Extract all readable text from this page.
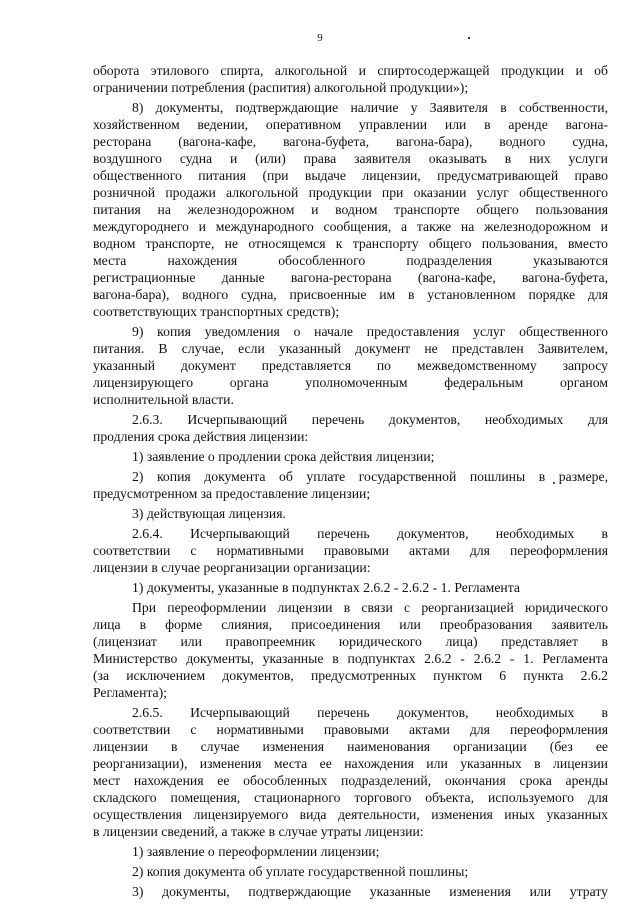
9
оборота этилового спирта, алкогольной и спиртосодержащей продукции и об
ограничении потребления (распития) алкогольной продукции»);
8) документы, подтверждающие наличие у Заявителя в собственности,
хозяйственном ведении, оперативном управлении или в аренде вагона-
ресторана (вагона-кафе, вагона-буфета, вагона-бара), водного судна,
воздушного судна и (или) права заявителя оказывать в них услуги
общественного питания (при выдаче лицензии, предусматривающей право
розничной продажи алкогольной продукции при оказании услуг общественного
питания на железнодорожном и водном транспорте общего пользования
междугороднего и международного сообщения, а также на железнодорожном и
водном транспорте, не относящемся к транспорту общего пользования, вместо
места нахождения обособленного подразделения указываются
регистрационные данные вагона-ресторана (вагона-кафе, вагона-буфета,
вагона-бара), водного судна, присвоенные им в установленном порядке для
соответствующих транспортных средств);
9) копия уведомления о начале предоставления услуг общественного
питания. В случае, если указанный документ не представлен Заявителем,
указанный документ представляется по межведомственному запросу
лицензирующего органа уполномоченным федеральным органом
исполнительной власти.
2.6.3. Исчерпывающий перечень документов, необходимых для
продления срока действия лицензии:
1) заявление о продлении срока действия лицензии;
2) копия документа об уплате государственной пошлины в размере,
предусмотренном за предоставление лицензии;
3) действующая лицензия.
2.6.4. Исчерпывающий перечень документов, необходимых в
соответствии с нормативными правовыми актами для переоформления
лицензии в случае реорганизации организации:
1) документы, указанные в подпунктах 2.6.2 - 2.6.2 - 1. Регламента
При переоформлении лицензии в связи с реорганизацией юридического
лица в форме слияния, присоединения или преобразования заявитель
(лицензиат или правопреемник юридического лица) представляет в
Министерство документы, указанные в подпунктах 2.6.2 - 2.6.2 - 1. Регламента
(за исключением документов, предусмотренных пунктом 6 пункта 2.6.2
Регламента);
2.6.5. Исчерпывающий перечень документов, необходимых в
соответствии с нормативными правовыми актами для переоформления
лицензии в случае изменения наименования организации (без ее
реорганизации), изменения места ее нахождения или указанных в лицензии
мест нахождения ее обособленных подразделений, окончания срока аренды
складского помещения, стационарного торгового объекта, используемого для
осуществления лицензируемого вида деятельности, изменения иных указанных
в лицензии сведений, а также в случае утраты лицензии:
1) заявление о переоформлении лицензии;
2) копия документа об уплате государственной пошлины;
3) документы, подтверждающие указанные изменения или утрату
